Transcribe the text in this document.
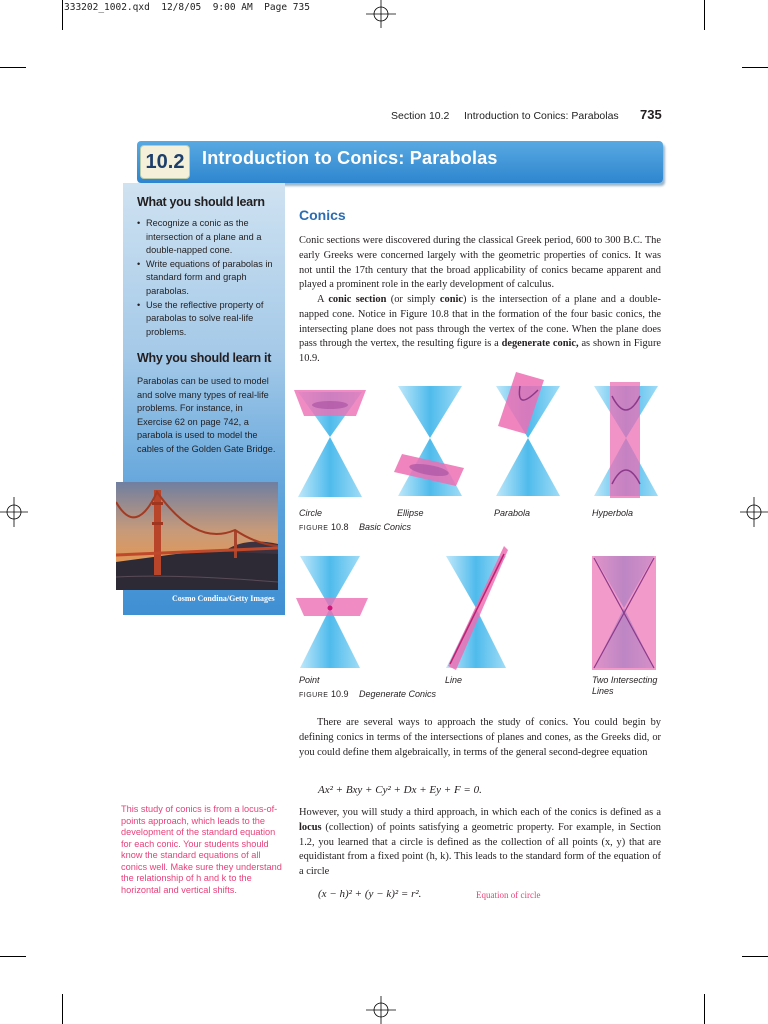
333202_1002.qxd  12/8/05  9:00 AM  Page 735
Section 10.2 Introduction to Conics: Parabolas 735
10.2 Introduction to Conics: Parabolas
What you should learn
• Recognize a conic as the intersection of a plane and a double-napped cone.
• Write equations of parabolas in standard form and graph parabolas.
• Use the reflective property of parabolas to solve real-life problems.
Why you should learn it

Parabolas can be used to model and solve many types of real-life problems. For instance, in Exercise 62 on page 742, a parabola is used to model the cables of the Golden Gate Bridge.

Cosmo Condina/Getty Images
This study of conics is from a locus-of-points approach, which leads to the development of the standard equation for each conic. Your students should know the standard equations of all conics well. Make sure they understand the relationship of h and k to the horizontal and vertical shifts.
Conics
Conic sections were discovered during the classical Greek period, 600 to 300 B.C. The early Greeks were concerned largely with the geometric properties of conics. It was not until the 17th century that the broad applicability of conics became apparent and played a prominent role in the early development of calculus.
A conic section (or simply conic) is the intersection of a plane and a double-napped cone. Notice in Figure 10.8 that in the formation of the four basic conics, the intersecting plane does not pass through the vertex of the cone. When the plane does pass through the vertex, the resulting figure is a degenerate conic, as shown in Figure 10.9.
Circle	Ellipse	Parabola	Hyperbola
FIGURE 10.8 Basic Conics
Point	Line	Two Intersecting Lines
FIGURE 10.9 Degenerate Conics
There are several ways to approach the study of conics. You could begin by defining conics in terms of the intersections of planes and cones, as the Greeks did, or you could define them algebraically, in terms of the general second-degree equation
Ax² + Bxy + Cy² + Dx + Ey + F = 0.
However, you will study a third approach, in which each of the conics is defined as a locus (collection) of points satisfying a geometric property. For example, in Section 1.2, you learned that a circle is defined as the collection of all points (x, y) that are equidistant from a fixed point (h, k). This leads to the standard form of the equation of a circle
(x − h)² + (y − k)² = r².	Equation of circle
